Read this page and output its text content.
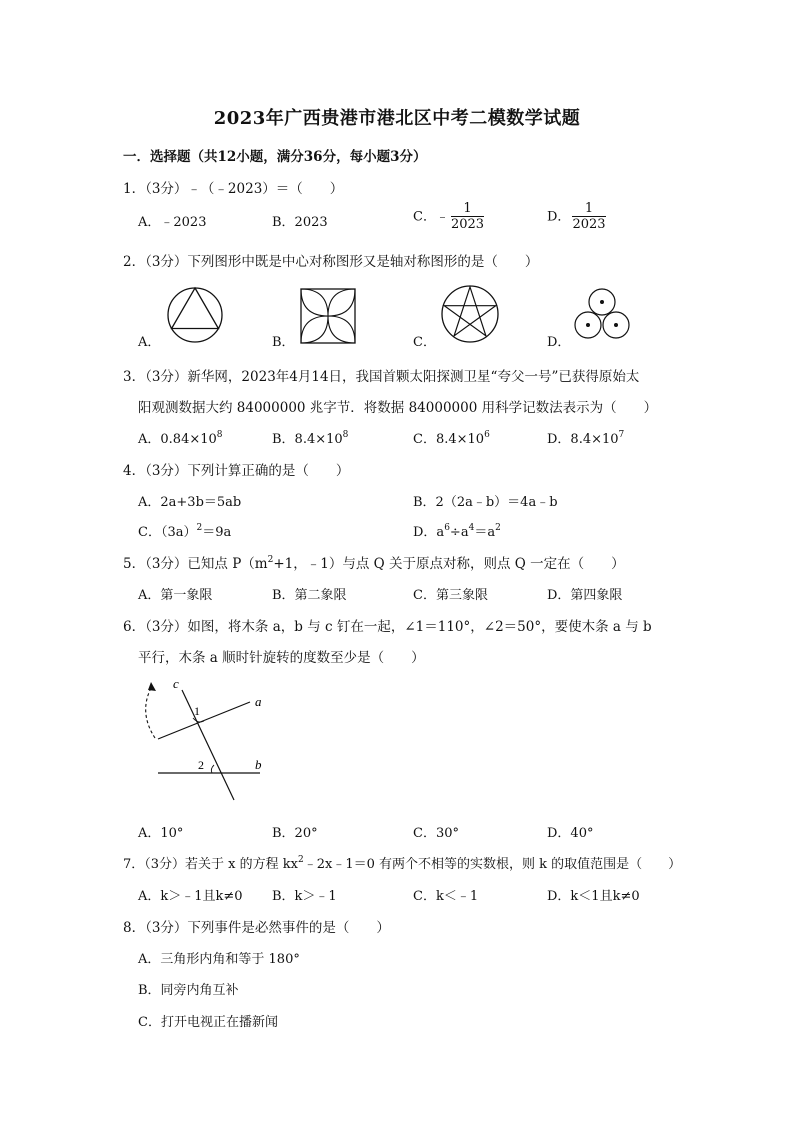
2023年广西贵港市港北区中考二模数学试题
一．选择题（共12小题，满分36分，每小题3分）
1．（3分）﹣（﹣2023）＝（　　）
A．﹣2023	B．2023	C．﹣ $\frac{1}{2023}$	D． $\frac{1}{2023}$
2．（3分）下列图形中既是中心对称图形又是轴对称图形的是（　　）
A．	B．	C．	D．
3．（3分）新华网，2023年4月14日，我国首颗太阳探测卫星“夸父一号”已获得原始太
阳观测数据大约 84000000 兆字节．将数据 84000000 用科学记数法表示为（　　）
A．$0.84\times 10^8$	B．$8.4\times 10^8$	C．$8.4\times 10^6$	D．$8.4\times 10^7$
4．（3分）下列计算正确的是（　　）
A．2a+3b＝5ab	B．2（2a﹣b）＝4a﹣b
C．$(3a)^2=9a$	D．$a^6\div a^4=a^2$
5．（3分）已知点 $P(m^2+1$，﹣1）与点 Q 关于原点对称，则点 Q 一定在（　　）
A．第一象限	B．第二象限	C．第三象限	D．第四象限
6．（3分）如图，将木条 a，b 与 c 钉在一起，∠1＝110°，∠2＝50°，要使木条 a 与 b
平行，木条 a 顺时针旋转的度数至少是（　　）
c
a
b
1
2
A．10°	B．20°	C．30°	D．40°
7．（3分）若关于 x 的方程 $kx^2﹣2x﹣1=0$ 有两个不相等的实数根，则 k 的取值范围是（　　）
A．k＞﹣1且k≠0 B．k＞﹣1	C．k＜﹣1	D．k＜1且k≠0
8．（3分）下列事件是必然事件的是（　　）
A．三角形内角和等于 180°
B．同旁内角互补
C．打开电视正在播新闻
